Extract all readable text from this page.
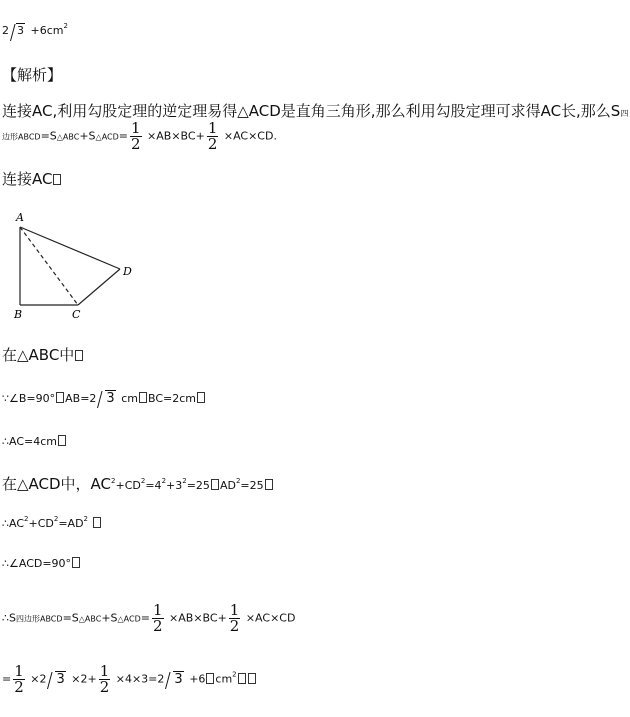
2 $3 +6cm^2$
【解析】
连接AC,利用勾股定理的逆定理易得△ACD是直角三角形,那么利用勾股定理可求得AC长,那么S四
边形ABCD=S△ABC+S△ACD= $\frac{1}{2} \times AB\times BC+ \frac{1}{2} \times AC\times CD$.
连接AC
A
B	C
D
在△ABC中
∵∠B=90° AB=2 3 cm BC=2cm
∴AC=4cm
在△ACD中，$AC^2+CD^2=4^2+3^2=25$ $AD^2=25$
$\therefore AC^2+CD^2=AD^2$
∴∠ACD=90°
∴S四边形ABCD=S△ABC+S△ACD= $\frac{1}{2} \times AB\times BC+ \frac{1}{2} \times AC\times CD$
= $\frac{1}{2} \times 2$ $3 \times 2+ \frac{1}{2} \times 4\times 3=2$ 3 +6 $cm^2$
